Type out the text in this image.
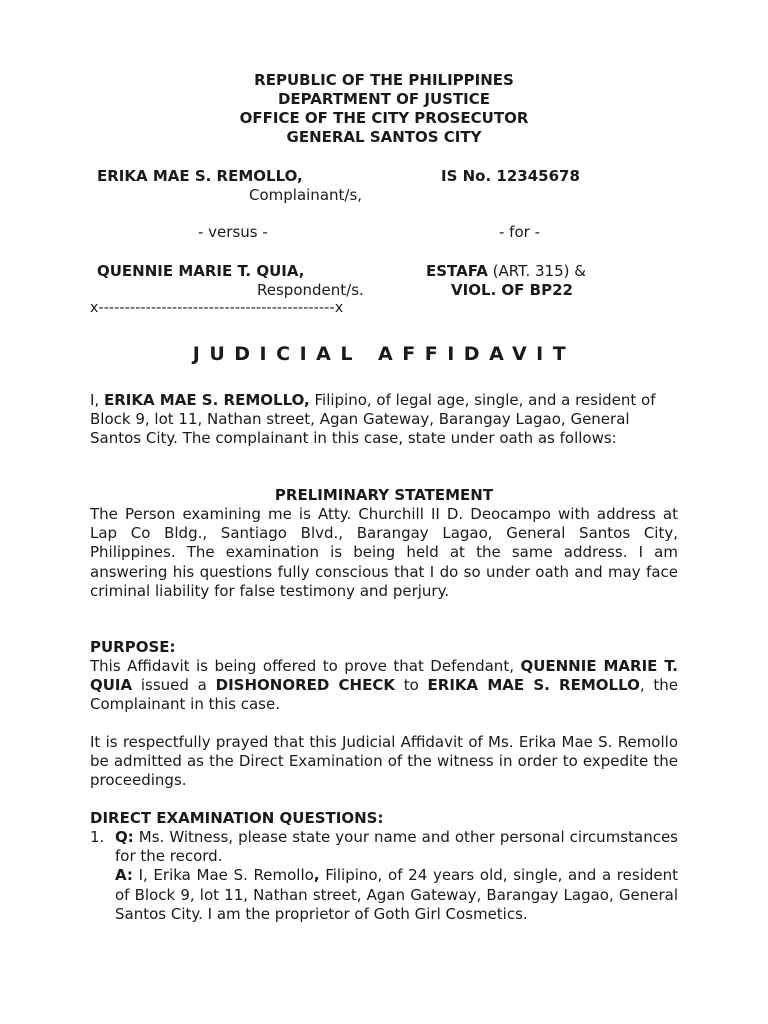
REPUBLIC OF THE PHILIPPINES
DEPARTMENT OF JUSTICE
OFFICE OF THE CITY PROSECUTOR
GENERAL SANTOS CITY
ERIKA MAE S. REMOLLO,
Complainant/s,
IS No. 12345678
- versus -	- for -
QUENNIE MARIE T. QUIA,
Respondent/s.
ESTAFA (ART. 315) &
VIOL. OF BP22
x---------------------------------------------x
JUDICIAL AFFIDAVIT
I, ERIKA MAE S. REMOLLO, Filipino, of legal age, single, and a resident of Block 9, lot 11, Nathan street, Agan Gateway, Barangay Lagao, General Santos City. The complainant in this case, state under oath as follows:
PRELIMINARY STATEMENT
The Person examining me is Atty. Churchill II D. Deocampo with address at Lap Co Bldg., Santiago Blvd., Barangay Lagao, General Santos City, Philippines. The examination is being held at the same address. I am answering his questions fully conscious that I do so under oath and may face criminal liability for false testimony and perjury.
PURPOSE:
This Affidavit is being offered to prove that Defendant, QUENNIE MARIE T. QUIA issued a DISHONORED CHECK to ERIKA MAE S. REMOLLO, the Complainant in this case.
It is respectfully prayed that this Judicial Affidavit of Ms. Erika Mae S. Remollo be admitted as the Direct Examination of the witness in order to expedite the proceedings.
DIRECT EXAMINATION QUESTIONS:
1. Q: Ms. Witness, please state your name and other personal circumstances for the record.
A: I, Erika Mae S. Remollo, Filipino, of 24 years old, single, and a resident of Block 9, lot 11, Nathan street, Agan Gateway, Barangay Lagao, General Santos City. I am the proprietor of Goth Girl Cosmetics.
